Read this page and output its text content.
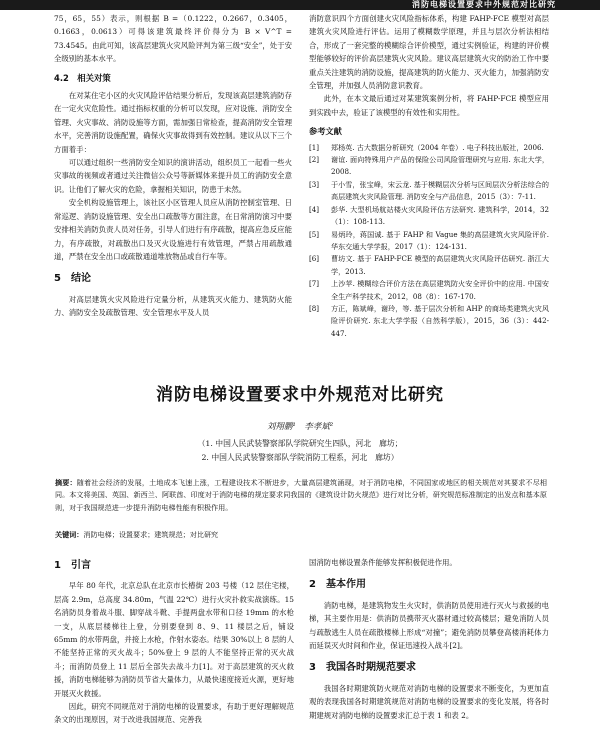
消防电梯设置要求中外规范对比研究

75，65，55）表示，则根据 B =（0.1222，0.2667，0.3405，0.1663，0.0613）可得该建筑最终评价得分为 B × V^T = 73.4545。由此可知，该高层建筑火灾风险评判为第三级“安全”，处于安全级别的基本水平。

4.2　相关对策

在对某住宅小区的火灾风险评估结果分析后，发现该高层建筑消防存在一定火灾危险性。通过指标权重的分析可以发现，应对设施、消防安全管理、火灾事故、消防设施等方面，需加强日常检查，提高消防安全管理水平，完善消防设施配置，确保火灾事故得到有效控制。建议从以下三个方面着手：

可以通过组织一些消防安全知识的演讲活动，组织员工一起看一些火灾事故的视频或者通过关注微信公众号等新媒体来提升员工的消防安全意识。让他们了解火灾的危险，拿握相关知识，防患于未然。

安全机构设施管理上，该社区小区管理人员应从消防控制室管理、日常巡逻、消防设施管理、安全出口疏散等方面注意，在日常消防演习中要安排相关消防负责人员对任务，引导人们进行有序疏散，提高应急反应能力，有序疏散，对疏散出口及灭火设施进行有效管理，严禁占用疏散通道，严禁在安全出口或疏散通道堆放物品或自行车等。

5　结论

对高层建筑火灾风险进行定量分析，从建筑灭火能力、建筑防火能力、消防安全及疏散管理、安全管理水平及人员

消防意识四个方面创建火灾风险指标体系，构建 FAHP-FCE 模型对高层建筑火灾风险进行评估。运用了模糊数学原理，并且与层次分析法相结合，形成了一套完整的模糊综合评价模型，通过实例验证，构建的评价模型能够较好的评价高层建筑火灾风险。建议高层建筑火灾的防治工作中要重点关注建筑的消防设施，提高建筑的防火能力、灭火能力，加强消防安全管理，并加强人员消防意识教育。

此外，在本文最后通过对某建筑案例分析，将 FAHP-FCE 模型应用到实践中去，验证了该模型的有效性和实用性。

参考文献
[1] 郑杨英. 古大数据分析研究（2004 年卷）. 电子科技出版社，2006.
[2] 谢谊. 面向特殊用户产品的保险公司风险管理研究与应用. 东北大学，2008.
[3] 于小雪，张宝峰，宋云龙. 基于模糊层次分析与区间层次分析法综合的高层建筑火灾风险管理. 消防安全与产品信息，2015（3）：7-11.
[4] 彭华. 大型机场航站楼火灾风险评估方法研究. 建筑科学，2014，32（1）：108-113.
[5] 易炳玲，蒋国诚. 基于 FAHP 和 Vague 集的高层建筑火灾风险评价. 华东交通大学学报，2017（1）：124-131.
[6] 曹坊文. 基于 FAHP-FCE 模型的高层建筑火灾风险评估研究. 浙江大学，2013.
[7] 上沙苹. 模糊综合评价方法在高层建筑防火安全评价中的应用. 中国安全生产科学技术，2012，08（8）：167-170.
[8] 方正，陈斌峰，谢玲，等. 基于层次分析和 AHP 的商场类建筑火灾风险评价研究. 东北大学学报（自然科学版），2015，36（3）：442-447.
消防电梯设置要求中外规范对比研究
刘翔鹏¹　李孝斌²
（1. 中国人民武装警察部队学院研究生四队，河北　廊坊；
2. 中国人民武装警察部队学院消防工程系，河北　廊坊）
摘要：随着社会经济的发展，土地成本飞速上涨，工程建设技术不断进步，大量高层建筑涌现，对于消防电梯，不同国家或地区的相关规范对其要求不尽相同。本文将美国、英国、新西兰、阿联酋、印度对于消防电梯的规定要求同我国的《建筑设计防火规范》进行对比分析，研究规范标准制定的出发点和基本原则，对于我国规范进一步提升消防电梯性能有积极作用。
关键词：消防电梯；设置要求；建筑规范；对比研究
1　引言

早年 80 年代，北京总队在北京市长椿街 203 号楼（12 层住宅楼，层高 2.9m，总高度 34.80m，气温 22℃）进行火灾扑救实战演练。15 名消防员身着战斗服、脚穿战斗靴、手提两盘水带和口径 19mm 的水枪一支，从底层楼梯往上登，分别要登到 8、9、11 楼层之后，铺设 65mm 的水带两盘，并接上水枪，作射水姿态。结果 30%以上 8 层的人不能坚持正常的灭火战斗；50%登上 9 层的人不能坚持正常的灭火战斗；而消防员登上 11 层后全部失去战斗力[1]。对于高层建筑的灭火救援，消防电梯能够为消防员节省大量体力，从最快速度接近火源，更好地开展灭火救援。

因此，研究不同规范对于消防电梯的设置要求，有助于更好理解规范条文的出现原因，对于改进我国规范、完善我

国消防电梯设置条件能够发挥积极促进作用。

2　基本作用

消防电梯，是建筑物发生火灾时，供消防员使用进行灭火与救援的电梯，其主要作用是：供消防员携带灭火器材通过较高楼层；避免消防人员与疏散逃生人员在疏散楼梯上形成“对撞”；避免消防员攀登高楼消耗体力而延误灭火时间和作业，保证迅速投入战斗[2]。

3　我国各时期规范要求

我国各时期建筑防火规范对消防电梯的设置要求不断变化，为更加直观的表现我国各时期建筑规范对消防电梯的设置要求的变化发展，将各时期建规对消防电梯的设置要求汇总于表 1 和表 2。
